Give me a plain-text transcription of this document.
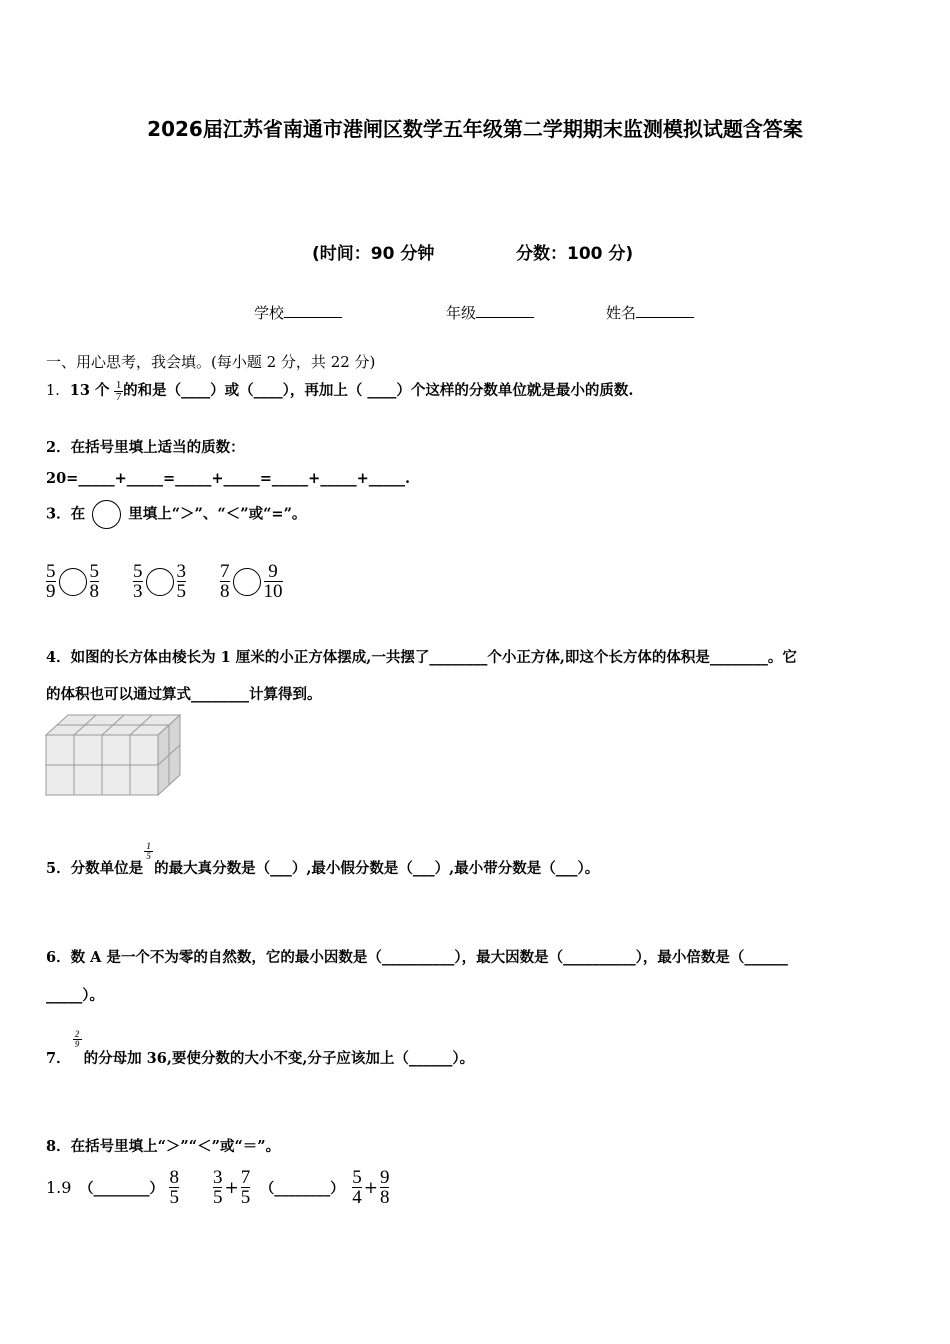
2026届江苏省南通市港闸区数学五年级第二学期期末监测模拟试题含答案
(时间：90 分钟	分数：100 分)
学校	年级	姓名
一、用心思考，我会填。(每小题 2 分，共 22 分)
1．13 个 $\frac{1}{7}$ 的和是（____）或（____），再加上（ ____）个这样的分数单位就是最小的质数.
2．在括号里填上适当的质数：
20=_____+_____=_____+_____=_____+_____+_____.
3．在	里填上“＞”、“＜”或“=”。
$\frac{5}{9} \frac{5}{8} \frac{5}{3} \frac{3}{5} \frac{7}{8} \frac{9}{10}$
4．如图的长方体由棱长为 1 厘米的小正方体摆成,一共摆了________个小正方体,即这个长方体的体积是________。它
的体积也可以通过算式________计算得到。
5．分数单位是
$\frac{1}{5}$
的最大真分数是（___）,最小假分数是（___）,最小带分数是（___）。
6．数 A 是一个不为零的自然数，它的最小因数是（__________），最大因数是（__________），最小倍数是（______
_____）。
7．
$\frac{2}{9}$
的分母加 36,要使分数的大小不变,分子应该加上（______）。
8．在括号里填上“＞”“＜”或“＝”。
1.9 （________） $\frac{8}{5} \frac{3}{5} + \frac{7}{5}$ （________） $\frac{5}{4} + \frac{9}{8}$
